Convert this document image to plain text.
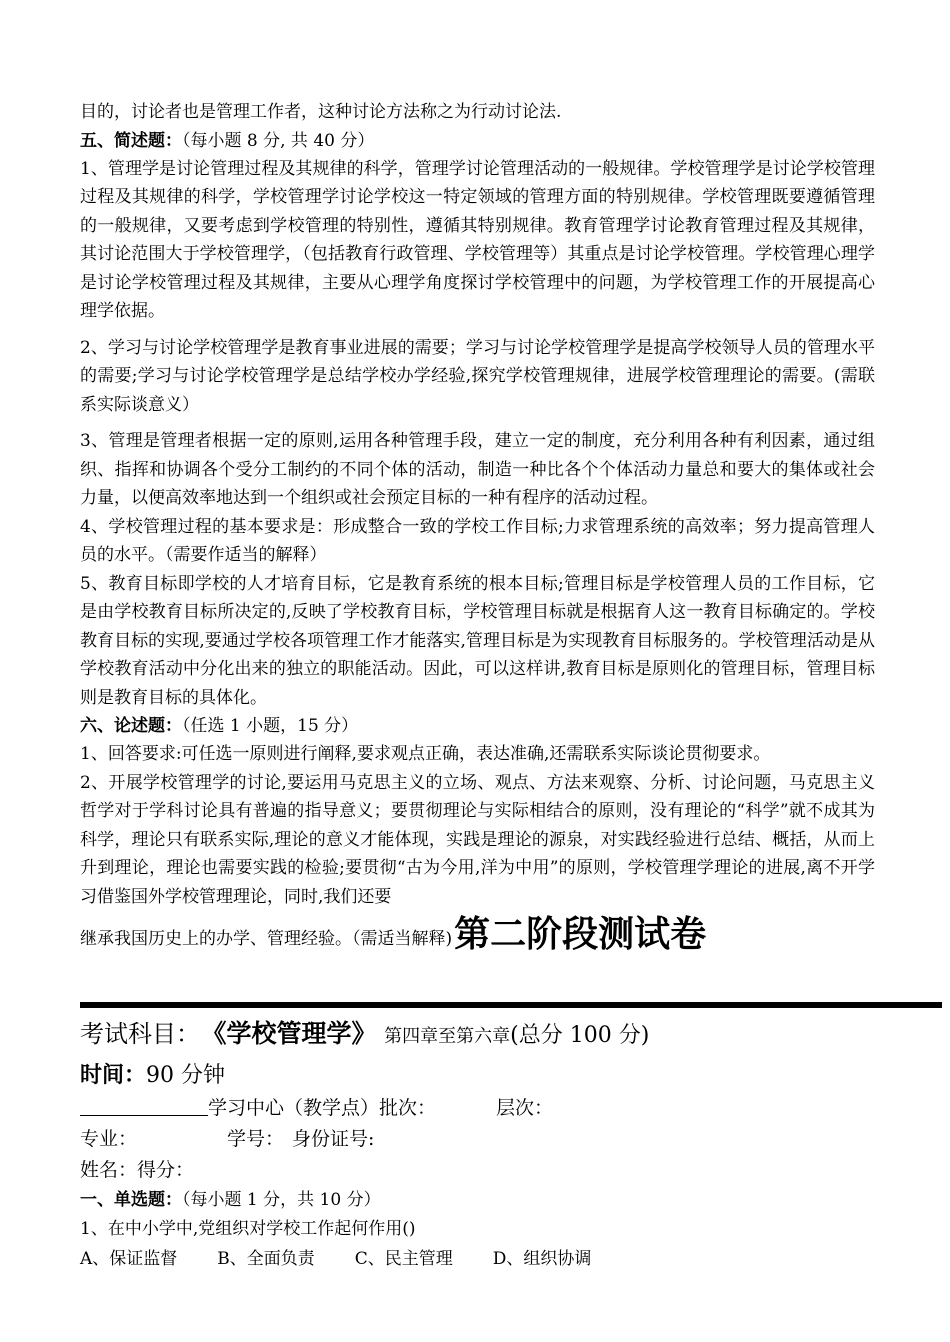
目的，讨论者也是管理工作者，这种讨论方法称之为行动讨论法.

五、简述题：（每小题 8 分, 共 40 分）

1、管理学是讨论管理过程及其规律的科学，管理学讨论管理活动的一般规律。学校管理学是讨论学校管理过程及其规律的科学，学校管理学讨论学校这一特定领域的管理方面的特别规律。学校管理既要遵循管理的一般规律，又要考虑到学校管理的特别性，遵循其特别规律。教育管理学讨论教育管理过程及其规律，其讨论范围大于学校管理学，（包括教育行政管理、学校管理等）其重点是讨论学校管理。学校管理心理学是讨论学校管理过程及其规律，主要从心理学角度探讨学校管理中的问题，为学校管理工作的开展提高心理学依据。

2、学习与讨论学校管理学是教育事业进展的需要；学习与讨论学校管理学是提高学校领导人员的管理水平的需要;学习与讨论学校管理学是总结学校办学经验,探究学校管理规律，进展学校管理理论的需要。(需联系实际谈意义）

3、管理是管理者根据一定的原则,运用各种管理手段，建立一定的制度，充分利用各种有利因素，通过组织、指挥和协调各个受分工制约的不同个体的活动，制造一种比各个个体活动力量总和要大的集体或社会力量，以便高效率地达到一个组织或社会预定目标的一种有程序的活动过程。

4、学校管理过程的基本要求是：形成整合一致的学校工作目标;力求管理系统的高效率；努力提高管理人员的水平。（需要作适当的解释）

5、教育目标即学校的人才培育目标，它是教育系统的根本目标;管理目标是学校管理人员的工作目标，它是由学校教育目标所决定的,反映了学校教育目标，学校管理目标就是根据育人这一教育目标确定的。学校教育目标的实现,要通过学校各项管理工作才能落实,管理目标是为实现教育目标服务的。学校管理活动是从学校教育活动中分化出来的独立的职能活动。因此，可以这样讲,教育目标是原则化的管理目标，管理目标则是教育目标的具体化。

六、论述题：（任选 1 小题，15 分）

1、回答要求:可任选一原则进行阐释,要求观点正确，表达准确,还需联系实际谈论贯彻要求。

2、开展学校管理学的讨论,要运用马克思主义的立场、观点、方法来观察、分析、讨论问题，马克思主义哲学对于学科讨论具有普遍的指导意义；要贯彻理论与实际相结合的原则，没有理论的“科学”就不成其为科学，理论只有联系实际,理论的意义才能体现，实践是理论的源泉，对实践经验进行总结、概括，从而上升到理论，理论也需要实践的检验;要贯彻“古为今用,洋为中用”的原则，学校管理学理论的进展,离不开学习借鉴国外学校管理理论，同时,我们还要

继承我国历史上的办学、管理经验。（需适当解释)第二阶段测试卷

考试科目： 《学校管理学》 第四章至第六章(总分 100 分)

时间：90 分钟

学习中心（教学点）批次：	层次：

专业：	学号： 身份证号:

姓名：得分：

一、单选题：（每小题 1 分，共 10 分）

1、在中小学中,党组织对学校工作起何作用()

A、保证监督 B、全面负责 C、民主管理 D、组织协调
